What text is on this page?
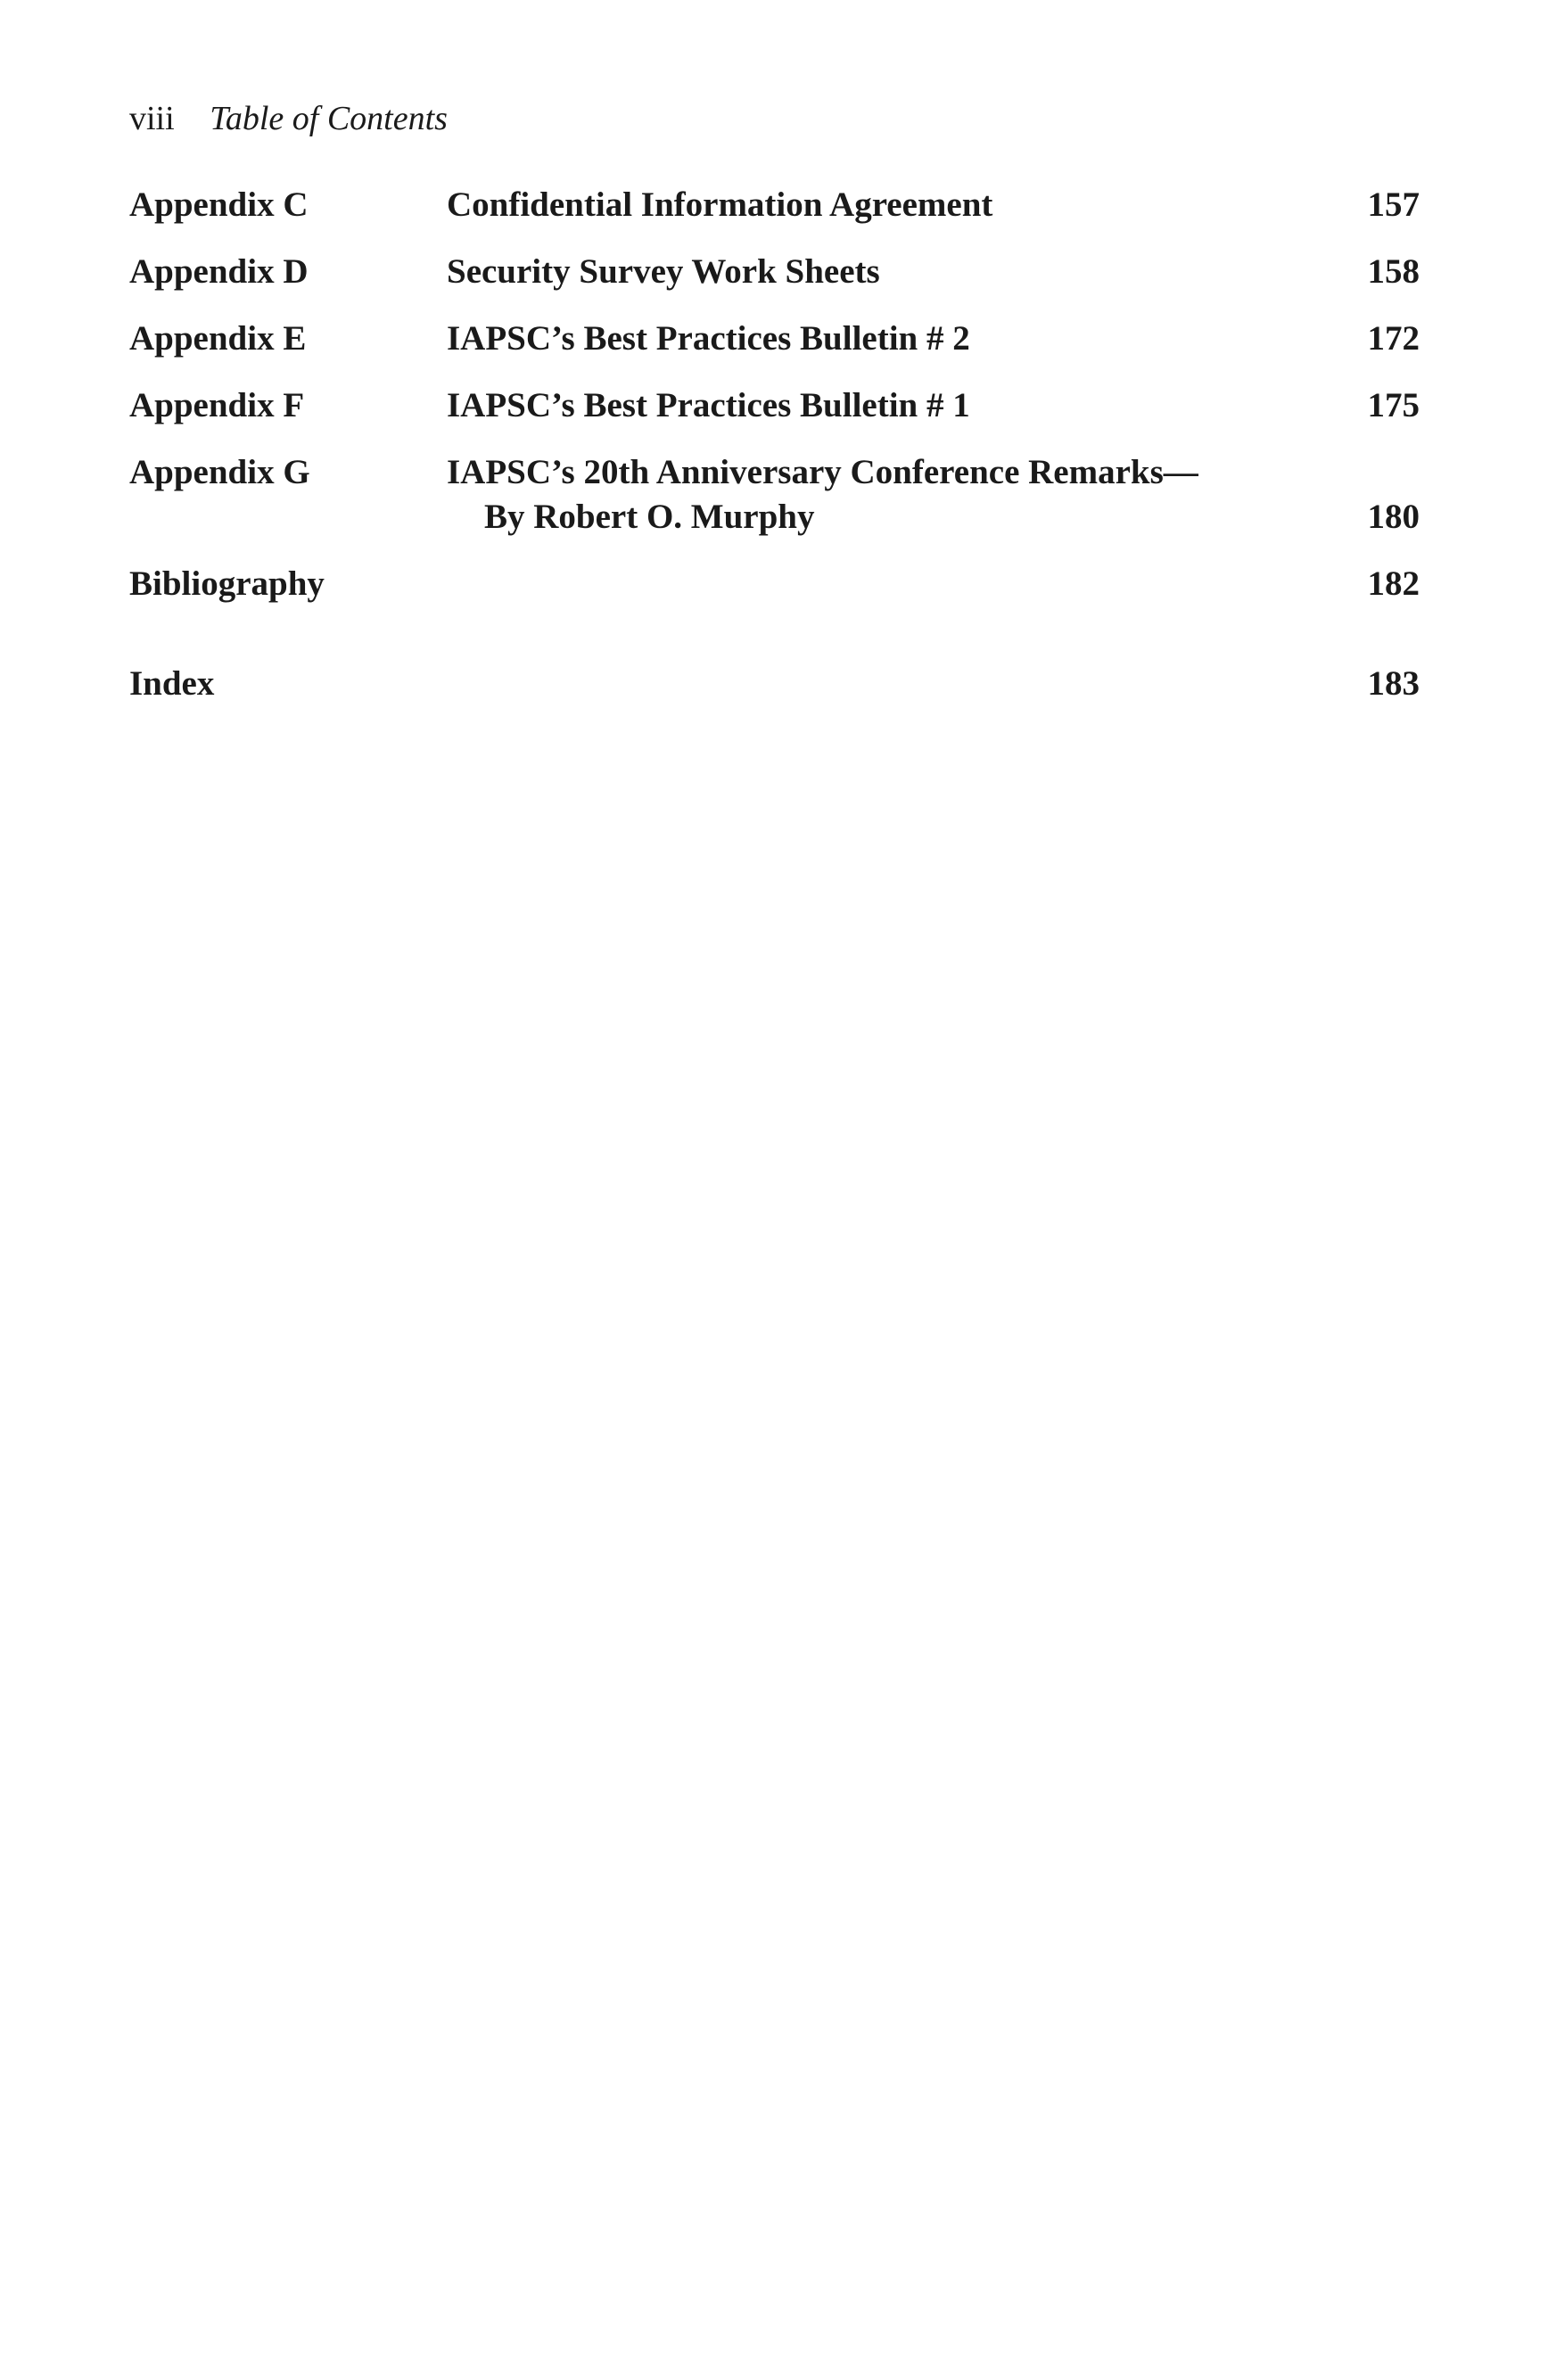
viii Table of Contents
Appendix C	Confidential Information Agreement	157
Appendix D	Security Survey Work Sheets	158
Appendix E	IAPSC’s Best Practices Bulletin # 2	172
Appendix F	IAPSC’s Best Practices Bulletin # 1	175
Appendix G	IAPSC’s 20th Anniversary Conference Remarks—
By Robert O. Murphy	180
Bibliography	182
Index	183
